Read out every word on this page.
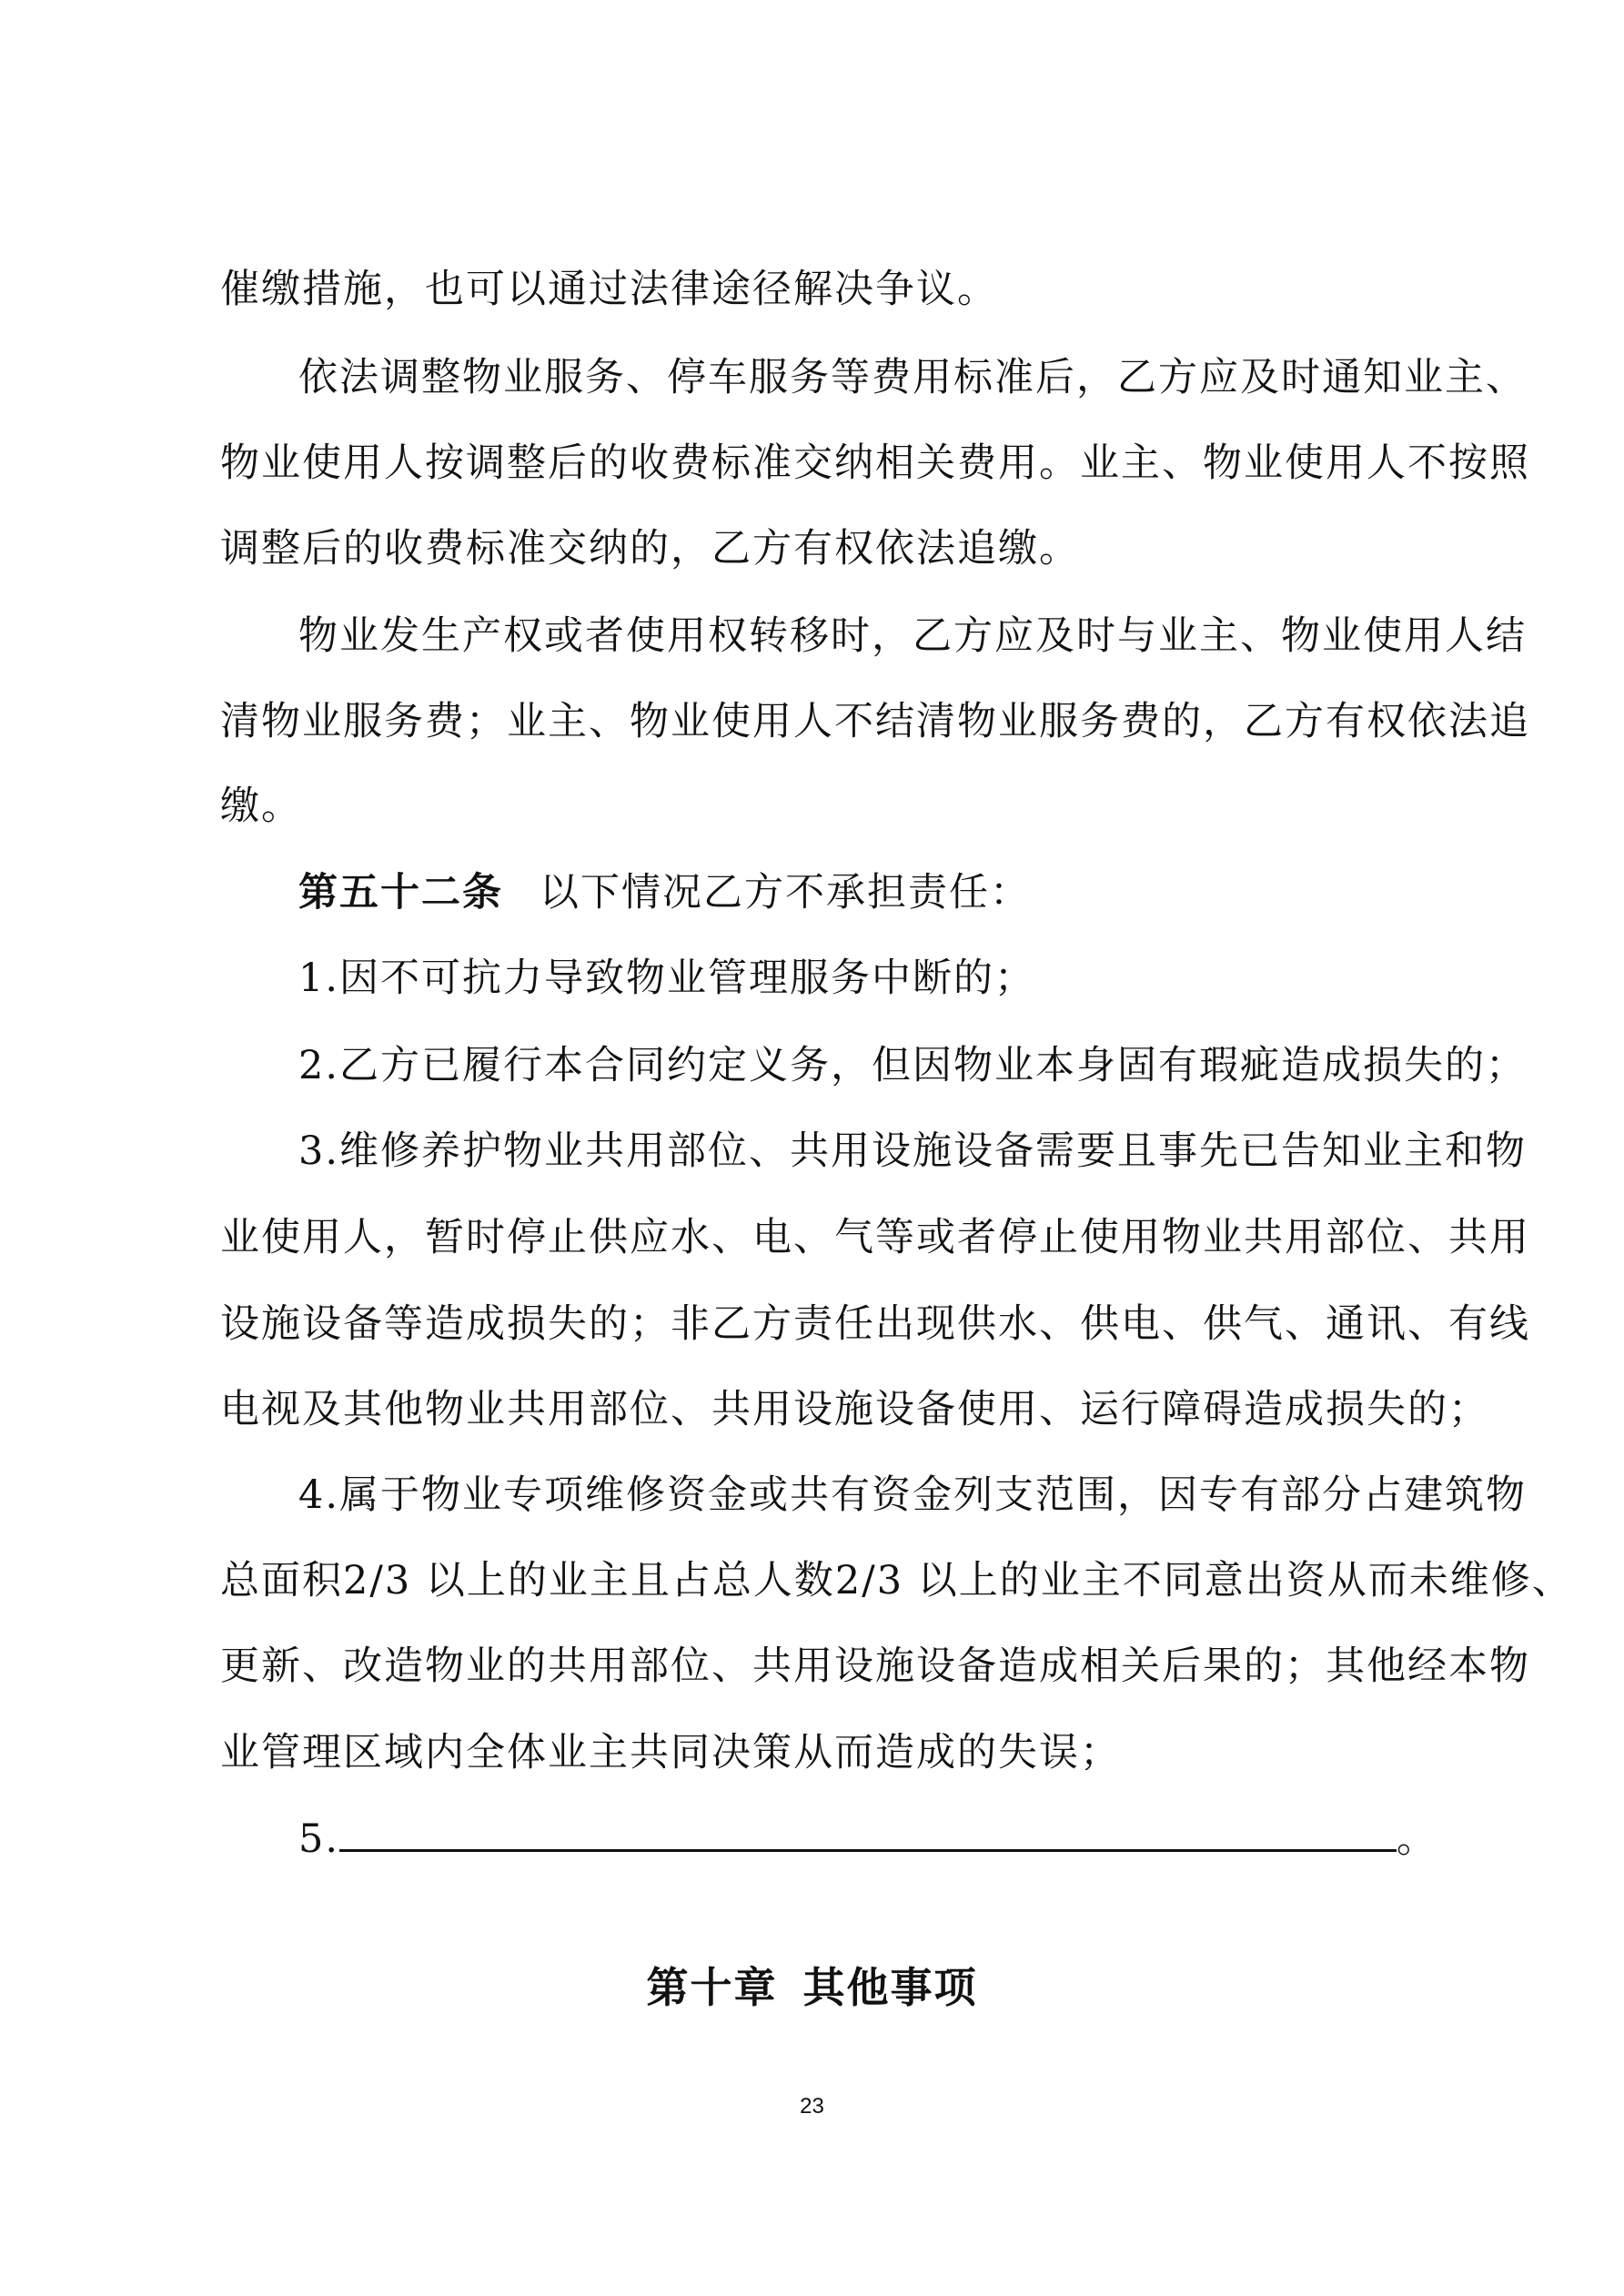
催缴措施，也可以通过法律途径解决争议。
依法调整物业服务、停车服务等费用标准后，乙方应及时通知业主、
物业使用人按调整后的收费标准交纳相关费用。业主、物业使用人不按照
调整后的收费标准交纳的，乙方有权依法追缴。
物业发生产权或者使用权转移时，乙方应及时与业主、物业使用人结
清物业服务费；业主、物业使用人不结清物业服务费的，乙方有权依法追
缴。
第五十二条 以下情况乙方不承担责任：
1.因不可抗力导致物业管理服务中断的；
2.乙方已履行本合同约定义务，但因物业本身固有瑕疵造成损失的；
3.维修养护物业共用部位、共用设施设备需要且事先已告知业主和物
业使用人，暂时停止供应水、电、气等或者停止使用物业共用部位、共用
设施设备等造成损失的；非乙方责任出现供水、供电、供气、通讯、有线
电视及其他物业共用部位、共用设施设备使用、运行障碍造成损失的；
4.属于物业专项维修资金或共有资金列支范围，因专有部分占建筑物
总面积2/3 以上的业主且占总人数2/3 以上的业主不同意出资从而未维修、
更新、改造物业的共用部位、共用设施设备造成相关后果的；其他经本物
业管理区域内全体业主共同决策从而造成的失误；
5.	。
第十章 其他事项
23
